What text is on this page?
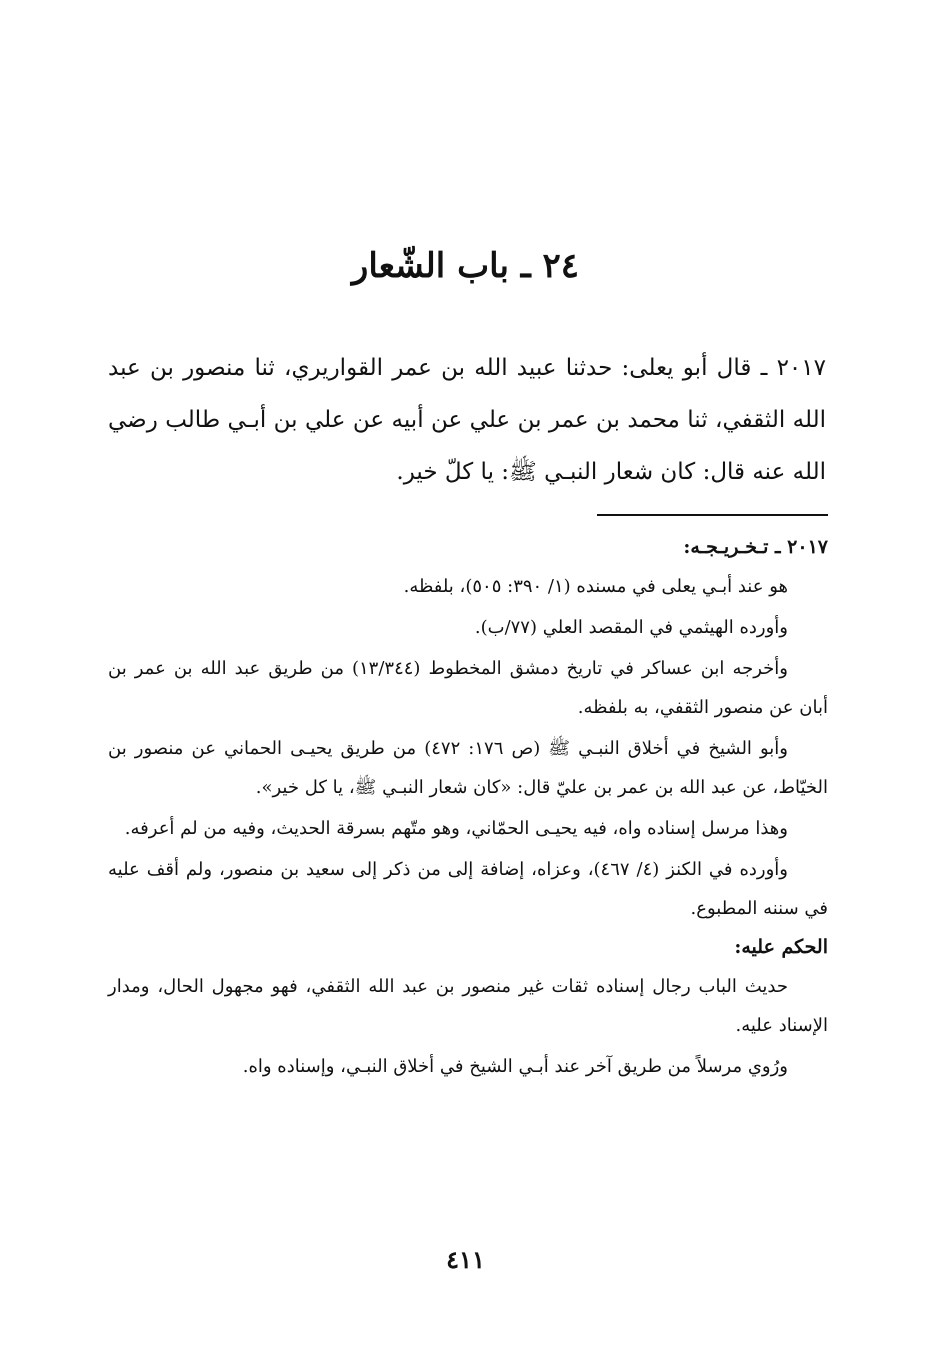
٢٤ ـ باب الشّعار

٢٠١٧ ـ قال أبو يعلى: حدثنا عبيد الله بن عمر القواريري، ثنا منصور بن عبد الله الثقفي، ثنا محمد بن عمر بن علي عن أبيه عن علي بن أبـي طالب رضي الله عنه قال: كان شعار النبـي ﷺ: يا كلّ خير.

٢٠١٧ ـ تـخـريـجـه:

هو عند أبـي يعلى في مسنده (١/ ٣٩٠: ٥٠٥)، بلفظه.

وأورده الهيثمي في المقصد العلي (٧٧/ب).

وأخرجه ابن عساكر في تاريخ دمشق المخطوط (١٣/٣٤٤) من طريق عبد الله بن عمر بن أبان عن منصور الثقفي، به بلفظه.

وأبو الشيخ في أخلاق النبـي ﷺ (ص ١٧٦: ٤٧٢) من طريق يحيـى الحماني عن منصور بن الخيّاط، عن عبد الله بن عمر بن عليّ قال: «كان شعار النبـي ﷺ، يا كل خير».

وهذا مرسل إسناده واه، فيه يحيـى الحمّاني، وهو متّهم بسرقة الحديث، وفيه من لم أعرفه.

وأورده في الكنز (٤/ ٤٦٧)، وعزاه، إضافة إلى من ذكر إلى سعيد بن منصور، ولم أقف عليه في سننه المطبوع.

الحكم عليه:

حديث الباب رجال إسناده ثقات غير منصور بن عبد الله الثقفي، فهو مجهول الحال، ومدار الإسناد عليه.

ورُوي مرسلاً من طريق آخر عند أبـي الشيخ في أخلاق النبـي، وإسناده واه.

٤١١
